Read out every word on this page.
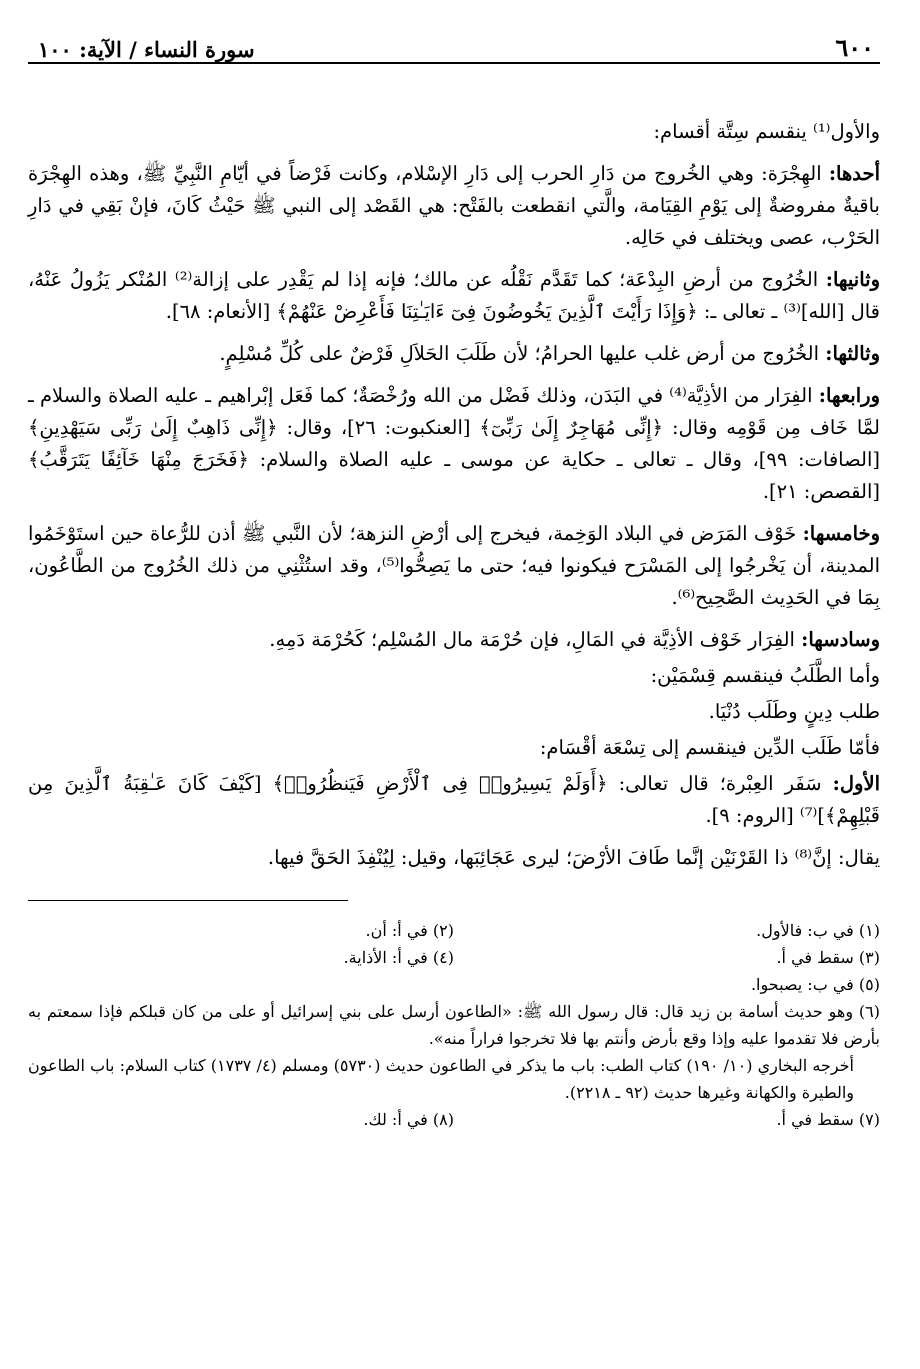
٦٠٠
سورة النساء / الآية: ١٠٠

والأول⁽¹⁾ ينقسم سِتَّة أقسام:

أحدها: الهِجْرَة: وهي الخُروج من دَارِ الحرب إلى دَارِ الإسْلام، وكانت فَرْضاً في أيّامِ النَّبِيِّ ﷺ، وهذه الهِجْرَة باقيةٌ مفروضةٌ إلى يَوْمِ القِيَامة، والَّتي انقطعت بالفَتْح: هي القَصْد إلى النبي ﷺ حَيْثُ كَانَ، فإنْ بَقِي في دَارِ الحَرْب، عصى ويختلف في حَالِه.

وثانيها: الخُرُوج من أرضِ البِدْعَة؛ كما تَقَدَّم نَقْلُه عن مالك؛ فإنه إذا لم يَقْدِر على إزالة⁽²⁾ المُنْكر يَزُولُ عَنْهُ، قال [الله]⁽³⁾ ـ تعالى ـ: ﴿وَإِذَا رَأَيْتَ ٱلَّذِينَ يَخُوضُونَ فِىٓ ءَايَـٰتِنَا فَأَعْرِضْ عَنْهُمْ﴾ [الأنعام: ٦٨].

وثالثها: الخُرُوج من أرض غلب عليها الحرامُ؛ لأن طَلَبَ الحَلاَلِ فَرْضٌ على كُلِّ مُسْلِمٍ.

ورابعها: الفِرَار من الأذِيَّة⁽⁴⁾ في البَدَن، وذلك فَضْل من الله ورُخْصَةٌ؛ كما فَعَل إبْراهيم ـ عليه الصلاة والسلام ـ لمَّا خَاف مِن قَوْمِه وقال: ﴿إِنِّى مُهَاجِرٌ إِلَىٰ رَبِّىٓ﴾ [العنكبوت: ٢٦]، وقال: ﴿إِنِّى ذَاهِبٌ إِلَىٰ رَبِّى سَيَهْدِينِ﴾ [الصافات: ٩٩]، وقال ـ تعالى ـ حكاية عن موسى ـ عليه الصلاة والسلام: ﴿فَخَرَجَ مِنْهَا خَآئِفًا يَتَرَقَّبُ﴾ [القصص: ٢١].

وخامسها: خَوْف المَرَض في البلاد الوَخِمة، فيخرج إلى أرْضِ النزهة؛ لأن النَّبي ﷺ أذن للرُّعاة حين استَوْخَمُوا المدينة، أن يَخْرجُوا إلى المَسْرَح فيكونوا فيه؛ حتى ما يَصِحُّوا⁽⁵⁾، وقد استُثْنِي من ذلك الخُرُوج من الطَّاعُون، بِمَا في الحَدِيث الصَّحِيح⁽⁶⁾.

وسادسها: الفِرَار خَوْف الأذِيَّة في المَالِ، فإن حُرْمَة مال المُسْلِم؛ كَحُرْمَة دَمِهِ.

وأما الطَّلَبُ فينقسم قِسْمَيْن:

طلب دِينٍ وطَلَب دُنْيَا.

فأمّا طَلَب الدِّين فينقسم إلى تِسْعَة أقْسَام:

الأول: سَفَر العِبْرة؛ قال تعالى: ﴿أَوَلَمْ يَسِيرُوا۟ فِى ٱلْأَرْضِ فَيَنظُرُوا۟﴾ [كَيْفَ كَانَ عَـٰقِبَةُ ٱلَّذِينَ مِن قَبْلِهِمْ﴾]⁽⁷⁾ [الروم: ٩].

يقال: إنَّ⁽⁸⁾ ذا القَرْنَيْن إنَّما طَافَ الأرْضَ؛ ليرى عَجَائِبَها، وقيل: لِيُنْفِذَ الحَقَّ فيها.

(١) في ب: فالأول.
(٢) في أ: أن.
(٣) سقط في أ.
(٤) في أ: الأذاية.
(٥) في ب: يصبحوا.
(٦) وهو حديث أسامة بن زيد قال: قال رسول الله ﷺ: «الطاعون أرسل على بني إسرائيل أو على من كان قبلكم فإذا سمعتم به بأرض فلا تقدموا عليه وإذا وقع بأرض وأنتم بها فلا تخرجوا فراراً منه».
أخرجه البخاري (١٠/ ١٩٠) كتاب الطب: باب ما يذكر في الطاعون حديث (٥٧٣٠) ومسلم (٤/ ١٧٣٧) كتاب السلام: باب الطاعون والطيرة والكهانة وغيرها حديث (٩٢ ـ ٢٢١٨).
(٧) سقط في أ.
(٨) في أ: لك.
